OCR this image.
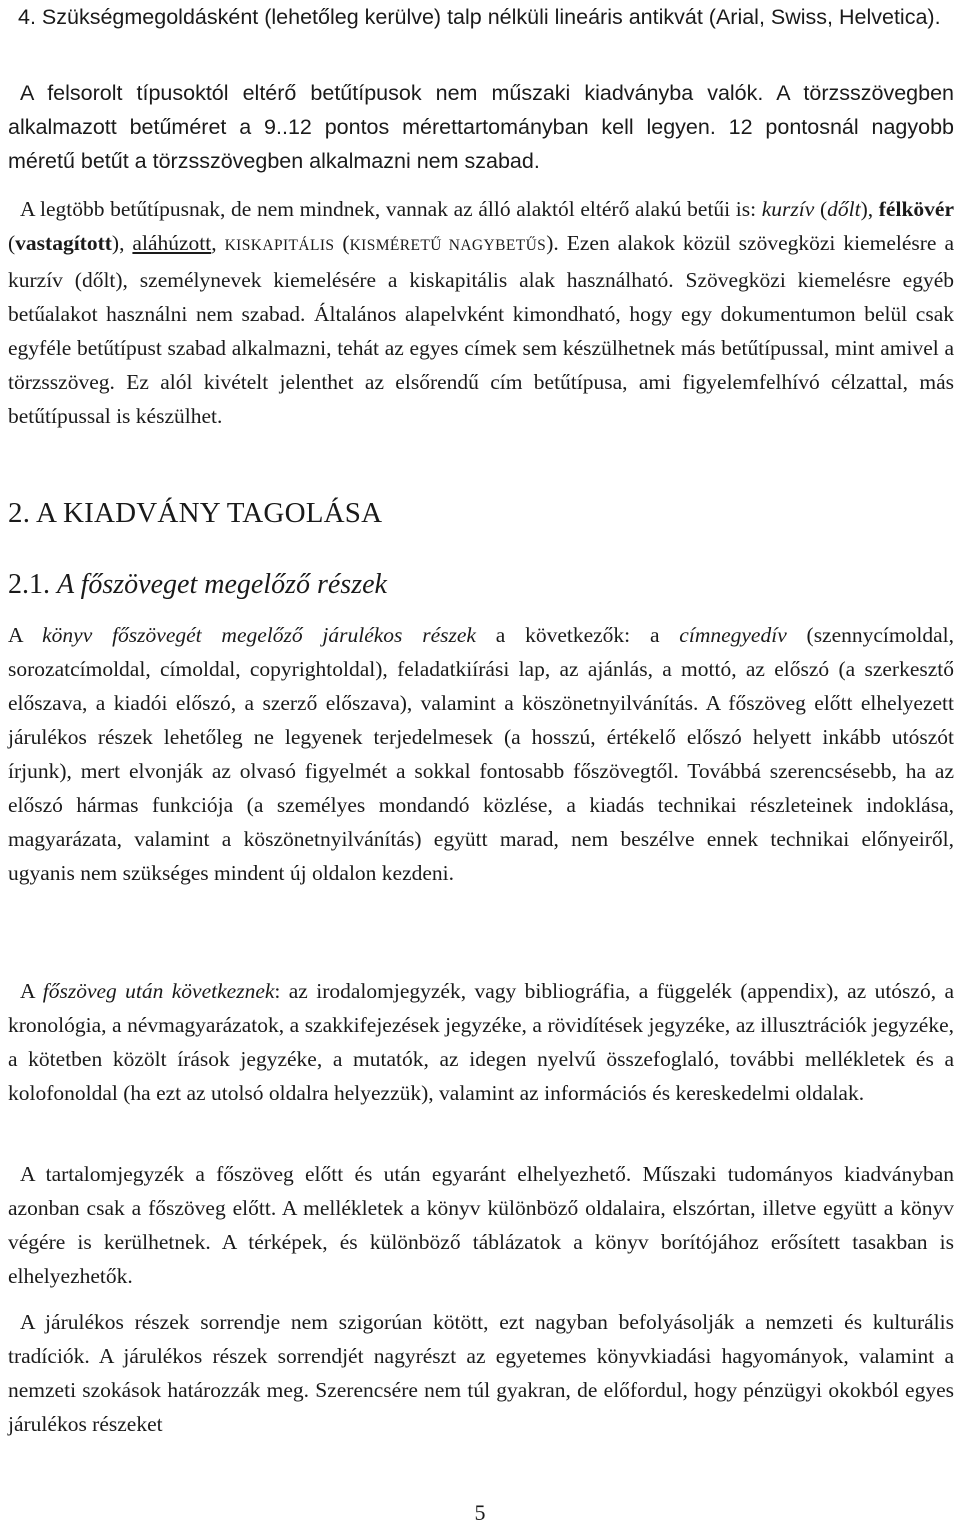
4. Szükségmegoldásként (lehetőleg kerülve) talp nélküli lineáris antikvát (Arial, Swiss, Helvetica).

A felsorolt típusoktól eltérő betűtípusok nem műszaki kiadványba valók. A törzsszövegben alkalmazott betűméret a 9..12 pontos mérettartományban kell legyen. 12 pontosnál nagyobb méretű betűt a törzsszövegben alkalmazni nem szabad.

A legtöbb betűtípusnak, de nem mindnek, vannak az álló alaktól eltérő alakú betűi is: kurzív (dőlt), félkövér (vastagított), aláhúzott, KISKAPITÁLIS (KISMÉRETŰ NAGYBETŰS). Ezen alakok közül szövegközi kiemelésre a kurzív (dőlt), személynevek kiemelésére a kiskapitális alak használható. Szövegközi kiemelésre egyéb betűalakot használni nem szabad. Általános alapelvként kimondható, hogy egy dokumentumon belül csak egyféle betűtípust szabad alkalmazni, tehát az egyes címek sem készülhetnek más betűtípussal, mint amivel a törzsszöveg. Ez alól kivételt jelenthet az elsőrendű cím betűtípusa, ami figyelemfelhívó célzattal, más betűtípussal is készülhet.

2. A KIADVÁNY TAGOLÁSA
2.1. A főszöveget megelőző részek

A könyv főszövegét megelőző járulékos részek a következők: a címnegyedív (szennycímoldal, sorozatcímoldal, címoldal, copyrightoldal), feladatkiírási lap, az ajánlás, a mottó, az előszó (a szerkesztő előszava, a kiadói előszó, a szerző előszava), valamint a köszönetnyilvánítás. A főszöveg előtt elhelyezett járulékos részek lehetőleg ne legyenek terjedelmesek (a hosszú, értékelő előszó helyett inkább utószót írjunk), mert elvonják az olvasó figyelmét a sokkal fontosabb főszövegtől. Továbbá szerencsésebb, ha az előszó hármas funkciója (a személyes mondandó közlése, a kiadás technikai részleteinek indoklása, magyarázata, valamint a köszönetnyilvánítás) együtt marad, nem beszélve ennek technikai előnyeiről, ugyanis nem szükséges mindent új oldalon kezdeni.

A főszöveg után következnek: az irodalomjegyzék, vagy bibliográfia, a függelék (appendix), az utószó, a kronológia, a névmagyarázatok, a szakkifejezések jegyzéke, a rövidítések jegyzéke, az illusztrációk jegyzéke, a kötetben közölt írások jegyzéke, a mutatók, az idegen nyelvű összefoglaló, további mellékletek és a kolofonoldal (ha ezt az utolsó oldalra helyezzük), valamint az információs és kereskedelmi oldalak.

A tartalomjegyzék a főszöveg előtt és után egyaránt elhelyezhető. Műszaki tudományos kiadványban azonban csak a főszöveg előtt. A mellékletek a könyv különböző oldalaira, elszórtan, illetve együtt a könyv végére is kerülhetnek. A térképek, és különböző táblázatok a könyv borítójához erősített tasakban is elhelyezhetők.

A járulékos részek sorrendje nem szigorúan kötött, ezt nagyban befolyásolják a nemzeti és kulturális tradíciók. A járulékos részek sorrendjét nagyrészt az egyetemes könyvkiadási hagyományok, valamint a nemzeti szokások határozzák meg. Szerencsére nem túl gyakran, de előfordul, hogy pénzügyi okokból egyes járulékos részeket

5
